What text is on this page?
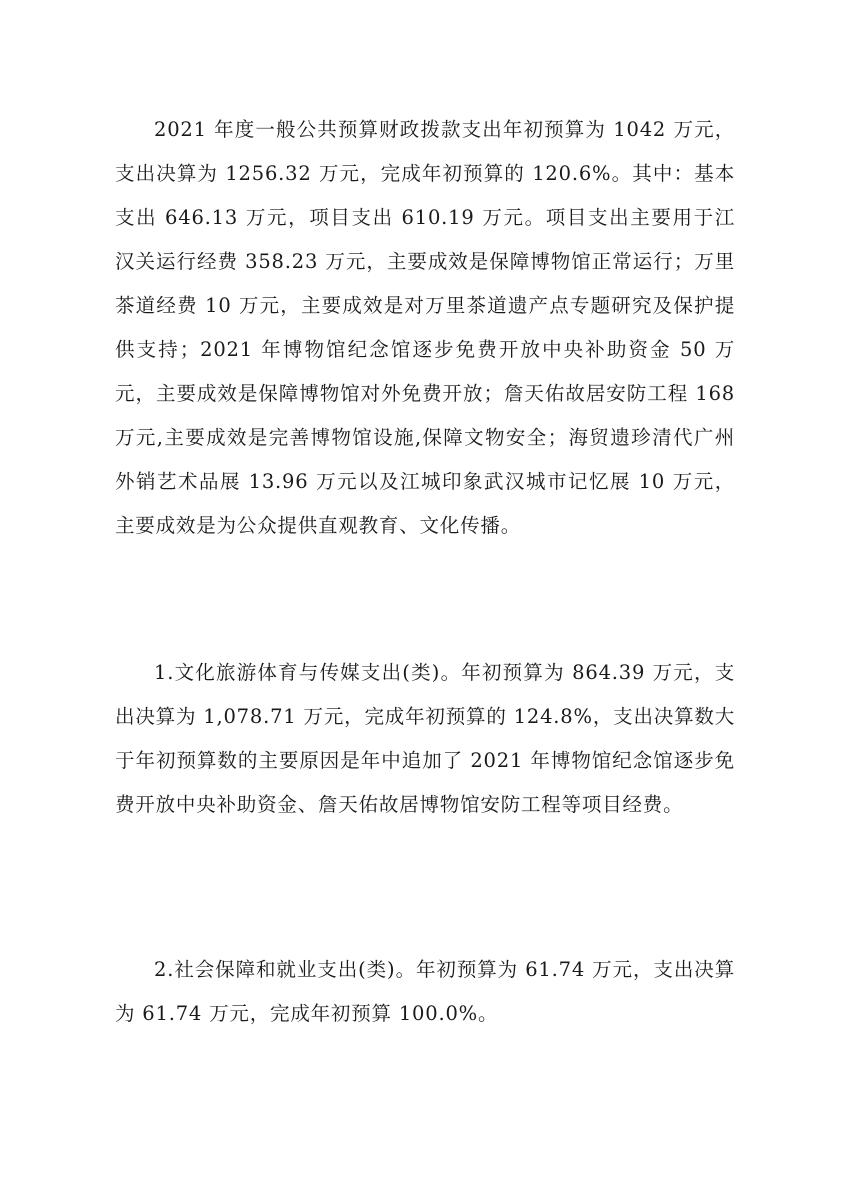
2021 年度一般公共预算财政拨款支出年初预算为 1042 万元，支出决算为 1256.32 万元，完成年初预算的 120.6%。其中：基本支出 646.13 万元，项目支出 610.19 万元。项目支出主要用于江汉关运行经费 358.23 万元，主要成效是保障博物馆正常运行；万里茶道经费 10 万元，主要成效是对万里茶道遗产点专题研究及保护提供支持；2021 年博物馆纪念馆逐步免费开放中央补助资金 50 万元，主要成效是保障博物馆对外免费开放；詹天佑故居安防工程 168 万元,主要成效是完善博物馆设施,保障文物安全；海贸遗珍清代广州外销艺术品展 13.96 万元以及江城印象武汉城市记忆展 10 万元，主要成效是为公众提供直观教育、文化传播。

1.文化旅游体育与传媒支出(类)。年初预算为 864.39 万元，支出决算为 1,078.71 万元，完成年初预算的 124.8%，支出决算数大于年初预算数的主要原因是年中追加了 2021 年博物馆纪念馆逐步免费开放中央补助资金、詹天佑故居博物馆安防工程等项目经费。

2.社会保障和就业支出(类)。年初预算为 61.74 万元，支出决算为 61.74 万元，完成年初预算 100.0%。
